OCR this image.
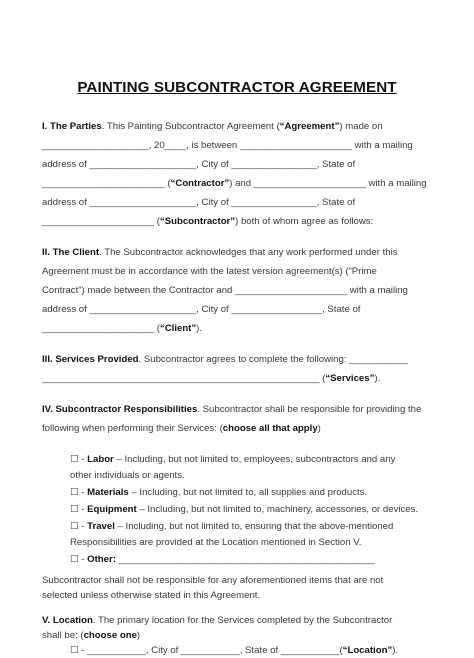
PAINTING SUBCONTRACTOR AGREEMENT
I. The Parties. This Painting Subcontractor Agreement (“Agreement”) made on
____________________, 20____, is between _____________________ with a mailing
address of ____________________, City of ________________, State of
_______________________ (“Contractor”) and _____________________ with a mailing
address of ____________________, City of ________________, State of
_____________________ (“Subcontractor”) both of whom agree as follows:
II. The Client. The Subcontractor acknowledges that any work performed under this
Agreement must be in accordance with the latest version agreement(s) (“Prime
Contract”) made between the Contractor and _____________________ with a mailing
address of ____________________, City of _________________, State of
_____________________ (“Client”).
III. Services Provided. Subcontractor agrees to complete the following: ___________
____________________________________________________ (“Services”).
IV. Subcontractor Responsibilities. Subcontractor shall be responsible for providing the
following when performing their Services: (choose all that apply)
☐ - Labor – Including, but not limited to, employees, subcontractors and any
other individuals or agents.
☐ - Materials – Including, but not limited to, all supplies and products.
☐ - Equipment – Including, but not limited to, machinery, accessories, or devices.
☐ - Travel – Including, but not limited to, ensuring that the above-mentioned
Responsibilities are provided at the Location mentioned in Section V.
☐ - Other: ________________________________________________
Subcontractor shall not be responsible for any aforementioned items that are not
selected unless otherwise stated in this Agreement.
V. Location. The primary location for the Services completed by the Subcontractor
shall be: (choose one)
☐ - ___________, City of ___________, State of ___________(“Location”).
